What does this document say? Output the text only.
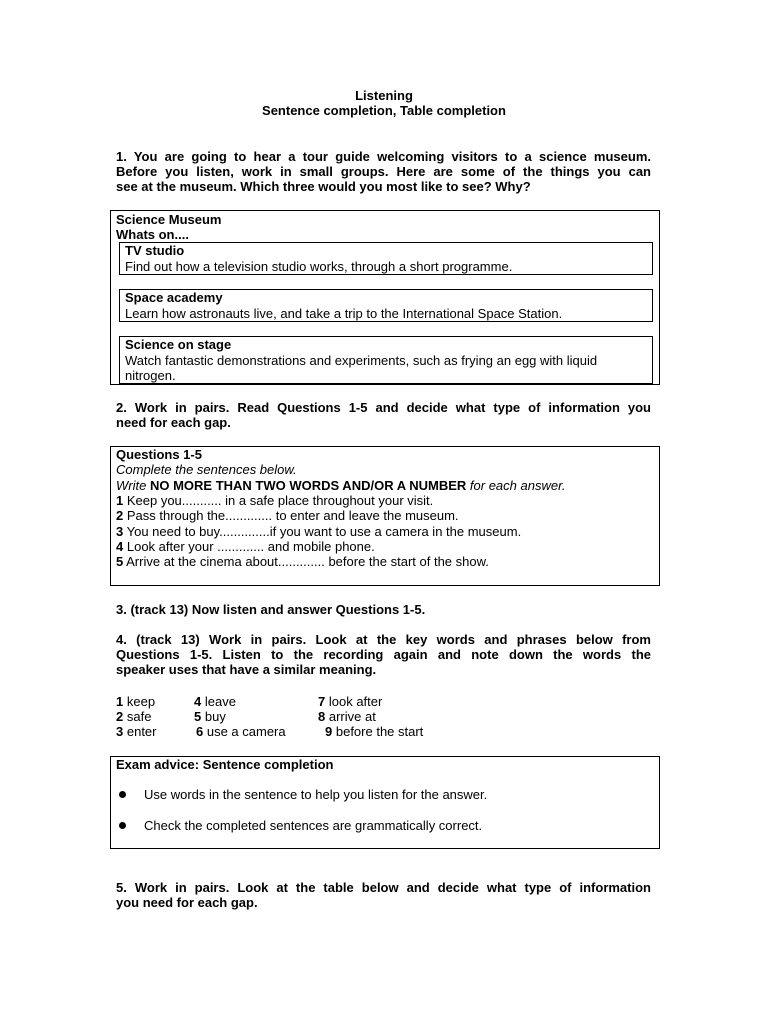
Listening
Sentence completion, Table completion
1. You are going to hear a tour guide welcoming visitors to a science museum.
Before you listen, work in small groups. Here are some of the things you can
see at the museum. Which three would you most like to see? Why?
Science Museum
Whats on....
TV studio
Find out how a television studio works, through a short programme.
Space academy
Learn how astronauts live, and take a trip to the International Space Station.
Science on stage
Watch fantastic demonstrations and experiments, such as frying an egg with liquid
nitrogen.
2. Work in pairs. Read Questions 1-5 and decide what type of information you
need for each gap.
Questions 1-5
Complete the sentences below.
Write NO MORE THAN TWO WORDS AND/OR A NUMBER for each answer.
1 Keep you........... in a safe place throughout your visit.
2 Pass through the............. to enter and leave the museum.
3 You need to buy..............if you want to use a camera in the museum.
4 Look after your ............. and mobile phone.
5 Arrive at the cinema about............. before the start of the show.
3. (track 13) Now listen and answer Questions 1-5.
4. (track 13) Work in pairs. Look at the key words and phrases below from
Questions 1-5. Listen to the recording again and note down the words the
speaker uses that have a similar meaning.
1 keep	4 leave	7 look after
2 safe	5 buy	8 arrive at
3 enter	6 use a camera	9 before the start
Exam advice: Sentence completion
Use words in the sentence to help you listen for the answer.
Check the completed sentences are grammatically correct.
5. Work in pairs. Look at the table below and decide what type of information
you need for each gap.
